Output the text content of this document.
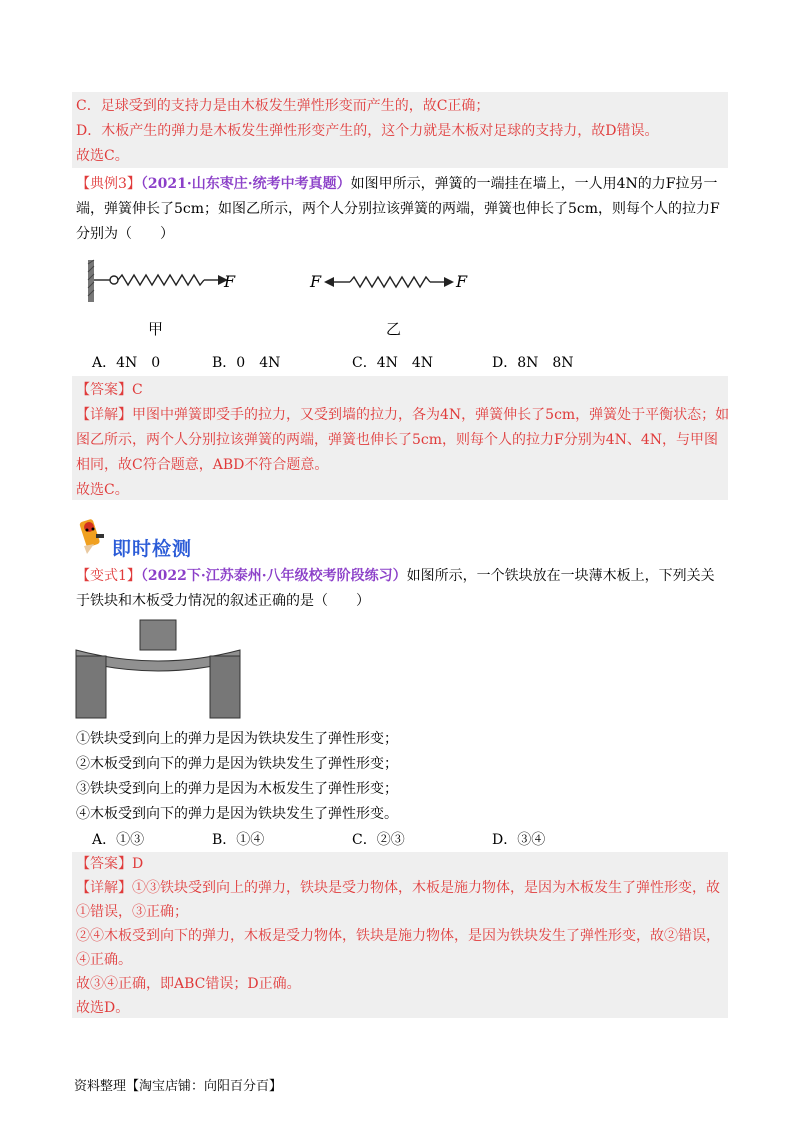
C．足球受到的支持力是由木板发生弹性形变而产生的，故C正确；
D．木板产生的弹力是木板发生弹性形变产生的，这个力就是木板对足球的支持力，故D错误。
故选C。
【典例3】（2021·山东枣庄·统考中考真题）如图甲所示，弹簧的一端挂在墙上，一人用4N的力F拉另一
端，弹簧伸长了5cm；如图乙所示，两个人分别拉该弹簧的两端，弹簧也伸长了5cm，则每个人的拉力F
分别为（　　）
F	F	F
甲	乙
A．4N　0	B．0　4N	C．4N　4N	D．8N　8N
【答案】C
【详解】甲图中弹簧即受手的拉力，又受到墙的拉力，各为4N，弹簧伸长了5cm，弹簧处于平衡状态；如
图乙所示，两个人分别拉该弹簧的两端，弹簧也伸长了5cm，则每个人的拉力F分别为4N、4N，与甲图
相同，故C符合题意，ABD不符合题意。
故选C。
即时检测
【变式1】（2022下·江苏泰州·八年级校考阶段练习）如图所示，一个铁块放在一块薄木板上，下列关关
于铁块和木板受力情况的叙述正确的是（　　）
①铁块受到向上的弹力是因为铁块发生了弹性形变；
②木板受到向下的弹力是因为铁块发生了弹性形变；
③铁块受到向上的弹力是因为木板发生了弹性形变；
④木板受到向下的弹力是因为铁块发生了弹性形变。
A．①③	B．①④	C．②③	D．③④
【答案】D
【详解】①③铁块受到向上的弹力，铁块是受力物体，木板是施力物体，是因为木板发生了弹性形变，故
①错误，③正确；
②④木板受到向下的弹力，木板是受力物体，铁块是施力物体，是因为铁块发生了弹性形变，故②错误，
④正确。
故③④正确，即ABC错误；D正确。
故选D。
资料整理【淘宝店铺：向阳百分百】
